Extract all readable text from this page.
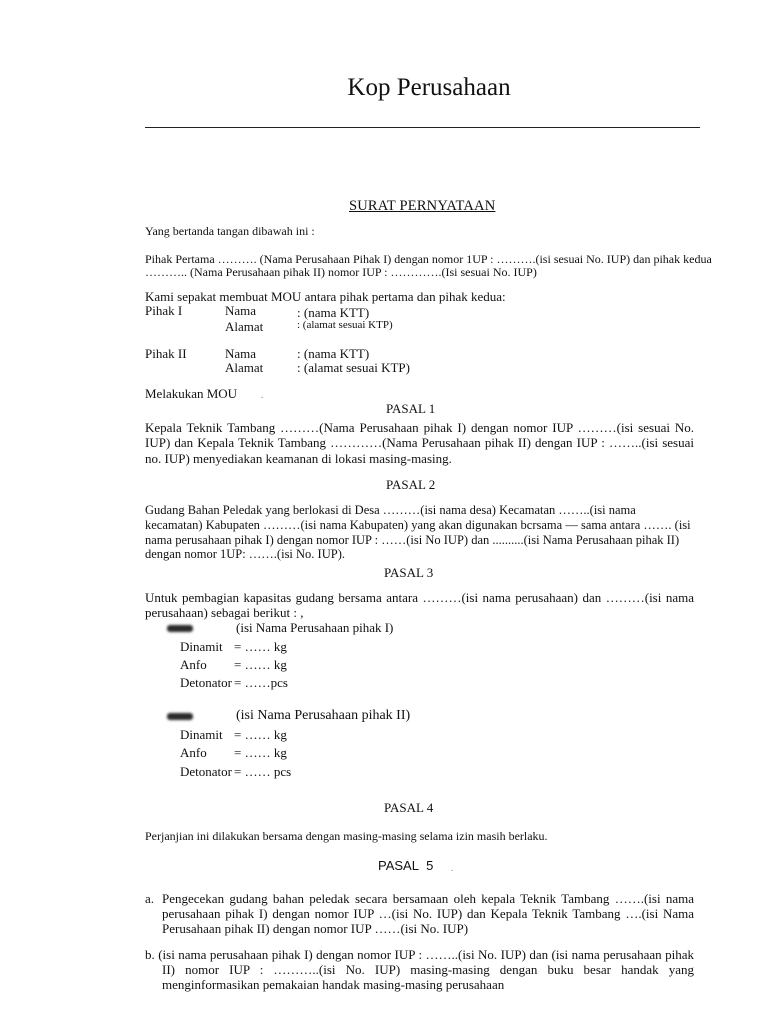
Kop Perusahaan
SURAT PERNYATAAN
Yang bertanda tangan dibawah ini :
Pihak Pertama ………. (Nama Perusahaan Pihak I) dengan nomor 1UP : ……….(isi sesuai No. IUP) dan pihak kedua
……….. (Nama Perusahaan pihak II) nomor IUP : ………….(Isi sesuai No. IUP)
Kami sepakat membuat MOU antara pihak pertama dan pihak kedua:
Pihak I	Nama	: (nama KTT)
Alamat	: (alamat sesuai KTP)
Pihak II	Nama	: (nama KTT)
Alamat	: (alamat sesuai KTP)
Melakukan MOU	.
PASAL 1
Kepala Teknik Tambang ………(Nama Perusahaan pihak I) dengan nomor IUP ………(isi sesuai No.
IUP) dan Kepala Teknik Tambang …………(Nama Perusahaan pihak II) dengan IUP : ……..(isi sesuai
no. IUP) menyediakan keamanan di lokasi masing-masing.
PASAL 2
Gudang Bahan Peledak yang berlokasi di Desa ………(isi nama desa) Kecamatan ……..(isi nama
kecamatan) Kabupaten ………(isi nama Kabupaten) yang akan digunakan bcrsama — sama antara ……. (isi
nama perusahaan pihak I) dengan nomor IUP : ……(isi No IUP) dan ..........(isi Nama Perusahaan pihak II)
dengan nomor 1UP: …….(isi No. IUP).
PASAL 3
Untuk pembagian kapasitas gudang bersama antara ………(isi nama perusahaan) dan ………(isi nama
perusahaan) sebagai berikut : ,
(isi Nama Perusahaan pihak I)
Dinamit = …… kg
Anfo = …… kg
Detonator = ……pcs
(isi Nama Perusahaan pihak II)
Dinamit = …… kg
Anfo = …… kg
Detonator = …… pcs
PASAL 4
Perjanjian ini dilakukan bersama dengan masing-masing selama izin masih berlaku.
PASAL 5 .
a. Pengecekan gudang bahan peledak secara bersamaan oleh kepala Teknik Tambang …….(isi nama
perusahaan pihak I) dengan nomor IUP …(isi No. IUP) dan Kepala Teknik Tambang ….(isi Nama
Perusahaan pihak II) dengan nomor IUP ……(isi No. IUP)
b. (isi nama perusahaan pihak I) dengan nomor IUP : ……..(isi No. IUP) dan (isi nama perusahaan pihak
II) nomor IUP : ………..(isi No. IUP) masing-masing dengan buku besar handak yang
menginformasikan pemakaian handak masing-masing perusahaan
